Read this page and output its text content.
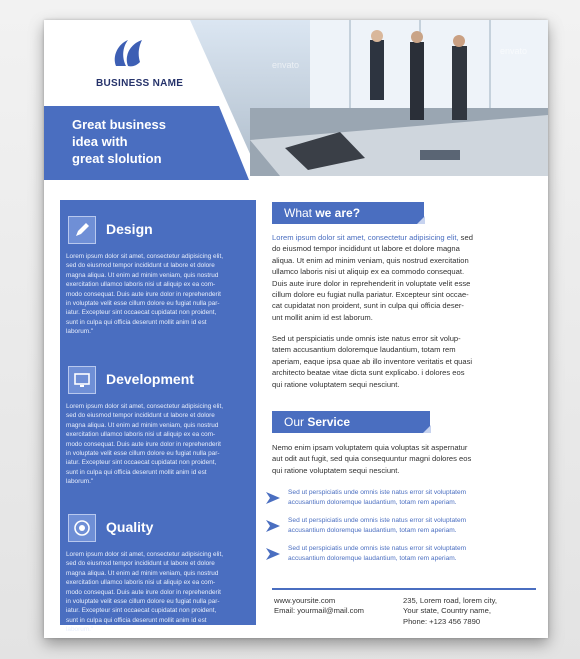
BUSINESS NAME
envato
envato
Great business
idea with
great slolution
Design
Lorem ipsum dolor sit amet, consectetur adipisicing elit,
sed do eiusmod tempor incididunt ut labore et dolore
magna aliqua. Ut enim ad minim veniam, quis nostrud
exercitation ullamco laboris nisi ut aliquip ex ea com-
modo consequat. Duis aute irure dolor in reprehenderit
in voluptate velit esse cillum dolore eu fugiat nulla par-
iatur. Excepteur sint occaecat cupidatat non proident,
sunt in culpa qui officia deserunt mollit anim id est
laborum."
Development
Lorem ipsum dolor sit amet, consectetur adipisicing elit,
sed do eiusmod tempor incididunt ut labore et dolore
magna aliqua. Ut enim ad minim veniam, quis nostrud
exercitation ullamco laboris nisi ut aliquip ex ea com-
modo consequat. Duis aute irure dolor in reprehenderit
in voluptate velit esse cillum dolore eu fugiat nulla par-
iatur. Excepteur sint occaecat cupidatat non proident,
sunt in culpa qui officia deserunt mollit anim id est
laborum."
Quality
Lorem ipsum dolor sit amet, consectetur adipisicing elit,
sed do eiusmod tempor incididunt ut labore et dolore
magna aliqua. Ut enim ad minim veniam, quis nostrud
exercitation ullamco laboris nisi ut aliquip ex ea com-
modo consequat. Duis aute irure dolor in reprehenderit
in voluptate velit esse cillum dolore eu fugiat nulla par-
iatur. Excepteur sint occaecat cupidatat non proident,
sunt in culpa qui officia deserunt mollit anim id est
laborum."
What we are?
Lorem ipsum dolor sit amet, consectetur adipisicing elit, sed
do eiusmod tempor incididunt ut labore et dolore magna
aliqua. Ut enim ad minim veniam, quis nostrud exercitation
ullamco laboris nisi ut aliquip ex ea commodo consequat.
Duis aute irure dolor in reprehenderit in voluptate velit esse
cillum dolore eu fugiat nulla pariatur. Excepteur sint occae-
cat cupidatat non proident, sunt in culpa qui officia deser-
unt mollit anim id est laborum.
Sed ut perspiciatis unde omnis iste natus error sit volup-
tatem accusantium doloremque laudantium, totam rem
aperiam, eaque ipsa quae ab illo inventore veritatis et quasi
architecto beatae vitae dicta sunt explicabo. i dolores eos
qui ratione voluptatem sequi nesciunt.
Our Service
Nemo enim ipsam voluptatem quia voluptas sit aspernatur
aut odit aut fugit, sed quia consequuntur magni dolores eos
qui ratione voluptatem sequi nesciunt.
Sed ut perspiciatis unde omnis iste natus error sit voluptatem
accusantium doloremque laudantium, totam rem aperiam.
Sed ut perspiciatis unde omnis iste natus error sit voluptatem
accusantium doloremque laudantium, totam rem aperiam.
Sed ut perspiciatis unde omnis iste natus error sit voluptatem
accusantium doloremque laudantium, totam rem aperiam.
www.yoursite.com
Email: yourmail@mail.com
235, Lorem road, lorem city,
Your state, Country name,
Phone: +123 456 7890
